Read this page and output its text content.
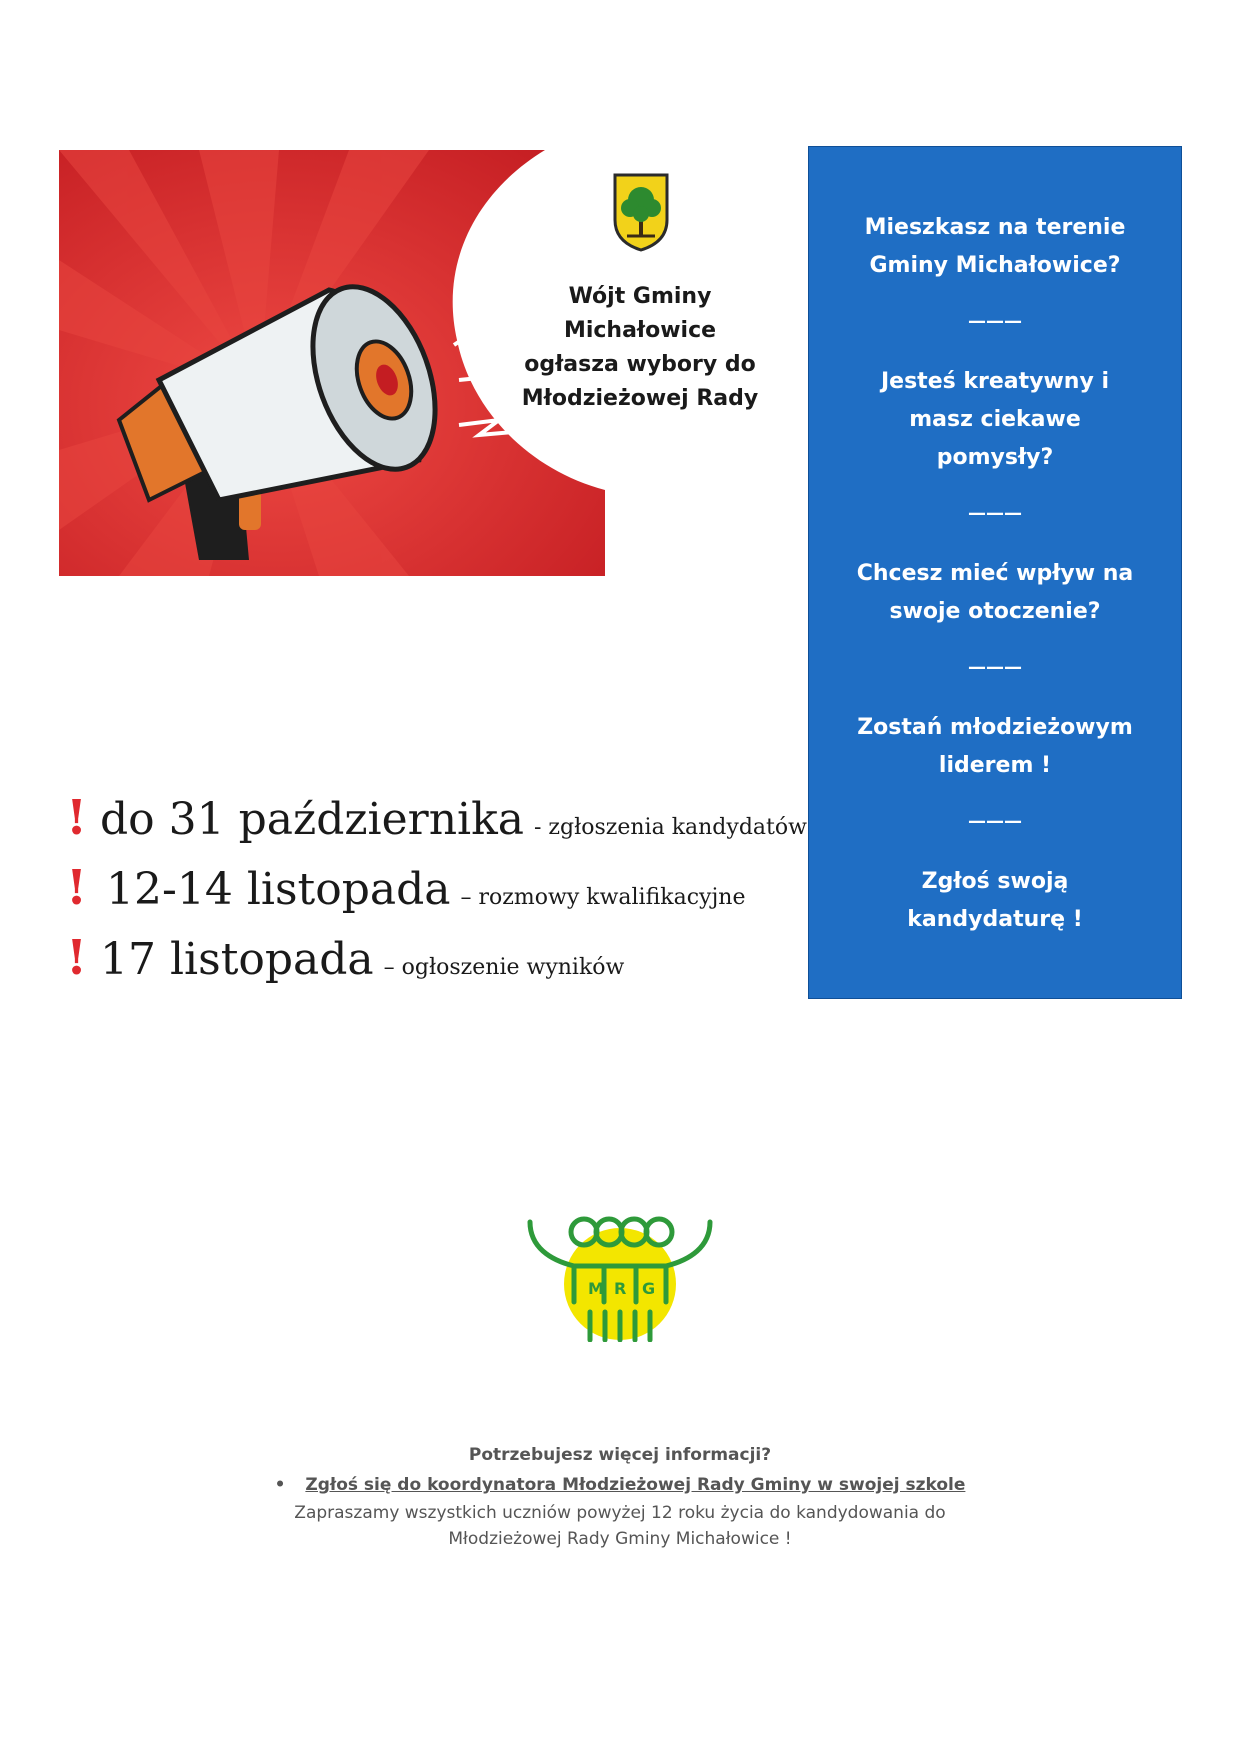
Wójt Gminy
Michałowice
ogłasza wybory do
Młodzieżowej Rady
Mieszkasz na terenie
Gminy Michałowice?
———
Jesteś kreatywny i
masz ciekawe
pomysły?
———
Chcesz mieć wpływ na
swoje otoczenie?
———
Zostań młodzieżowym
liderem !
———
Zgłoś swoją
kandydaturę !
! do 31 października - zgłoszenia kandydatów
! 12-14 listopada – rozmowy kwalifikacyjne
! 17 listopada – ogłoszenie wyników
M R G
Potrzebujesz więcej informacji?
• Zgłoś się do koordynatora Młodzieżowej Rady Gminy w swojej szkole
Zapraszamy wszystkich uczniów powyżej 12 roku życia do kandydowania do
Młodzieżowej Rady Gminy Michałowice !
